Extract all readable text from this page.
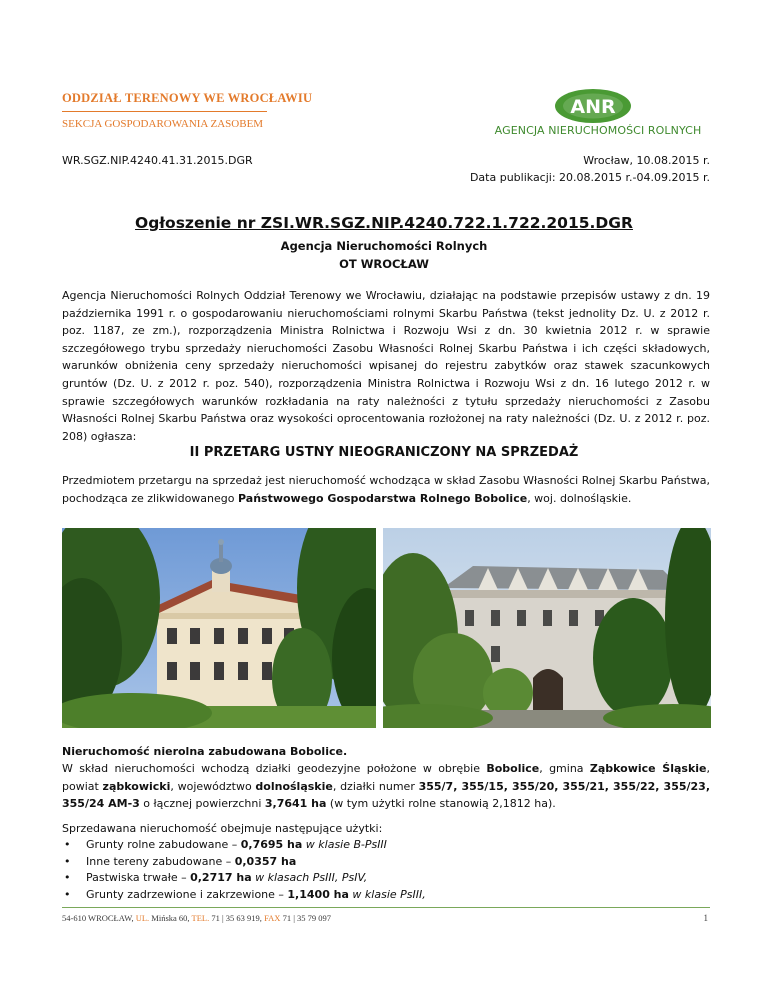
ODDZIAŁ TERENOWY WE WROCŁAWIU
SEKCJA GOSPODAROWANIA ZASOBEM
ANR
AGENCJA NIERUCHOMOŚCI ROLNYCH
WR.SGZ.NIP.4240.41.31.2015.DGR	Wrocław, 10.08.2015 r.
Data publikacji: 20.08.2015 r.-04.09.2015 r.
Ogłoszenie nr ZSI.WR.SGZ.NIP.4240.722.1.722.2015.DGR
Agencja Nieruchomości Rolnych
OT WROCŁAW
Agencja Nieruchomości Rolnych Oddział Terenowy we Wrocławiu, działając na podstawie przepisów ustawy z dn. 19 października 1991 r. o gospodarowaniu nieruchomościami rolnymi Skarbu Państwa (tekst jednolity Dz. U. z 2012 r. poz. 1187, ze zm.), rozporządzenia Ministra Rolnictwa i Rozwoju Wsi z dn. 30 kwietnia 2012 r. w sprawie szczegółowego trybu sprzedaży nieruchomości Zasobu Własności Rolnej Skarbu Państwa i ich części składowych, warunków obniżenia ceny sprzedaży nieruchomości wpisanej do rejestru zabytków oraz stawek szacunkowych gruntów (Dz. U. z 2012 r. poz. 540), rozporządzenia Ministra Rolnictwa i Rozwoju Wsi z dn. 16 lutego 2012 r. w sprawie szczegółowych warunków rozkładania na raty należności z tytułu sprzedaży nieruchomości z Zasobu Własności Rolnej Skarbu Państwa oraz wysokości oprocentowania rozłożonej na raty należności (Dz. U. z 2012 r. poz. 208) ogłasza:
II PRZETARG USTNY NIEOGRANICZONY NA SPRZEDAŻ
Przedmiotem przetargu na sprzedaż jest nieruchomość wchodząca w skład Zasobu Własności Rolnej Skarbu Państwa, pochodząca ze zlikwidowanego Państwowego Gospodarstwa Rolnego Bobolice, woj. dolnośląskie.
Nieruchomość nierolna zabudowana Bobolice.
W skład nieruchomości wchodzą działki geodezyjne położone w obrębie Bobolice, gmina Ząbkowice Śląskie, powiat ząbkowicki, województwo dolnośląskie, działki numer 355/7, 355/15, 355/20, 355/21, 355/22, 355/23, 355/24 AM-3 o łącznej powierzchni 3,7641 ha (w tym użytki rolne stanowią 2,1812 ha).
Sprzedawana nieruchomość obejmuje następujące użytki:
• Grunty rolne zabudowane – 0,7695 ha w klasie B-PsIII
• Inne tereny zabudowane – 0,0357 ha
• Pastwiska trwałe – 0,2717 ha w klasach PsIII, PsIV,
• Grunty zadrzewione i zakrzewione – 1,1400 ha w klasie PsIII,
54-610 WROCŁAW, UL. Mińska 60, TEL. 71 | 35 63 919, FAX 71 | 35 79 097	1
